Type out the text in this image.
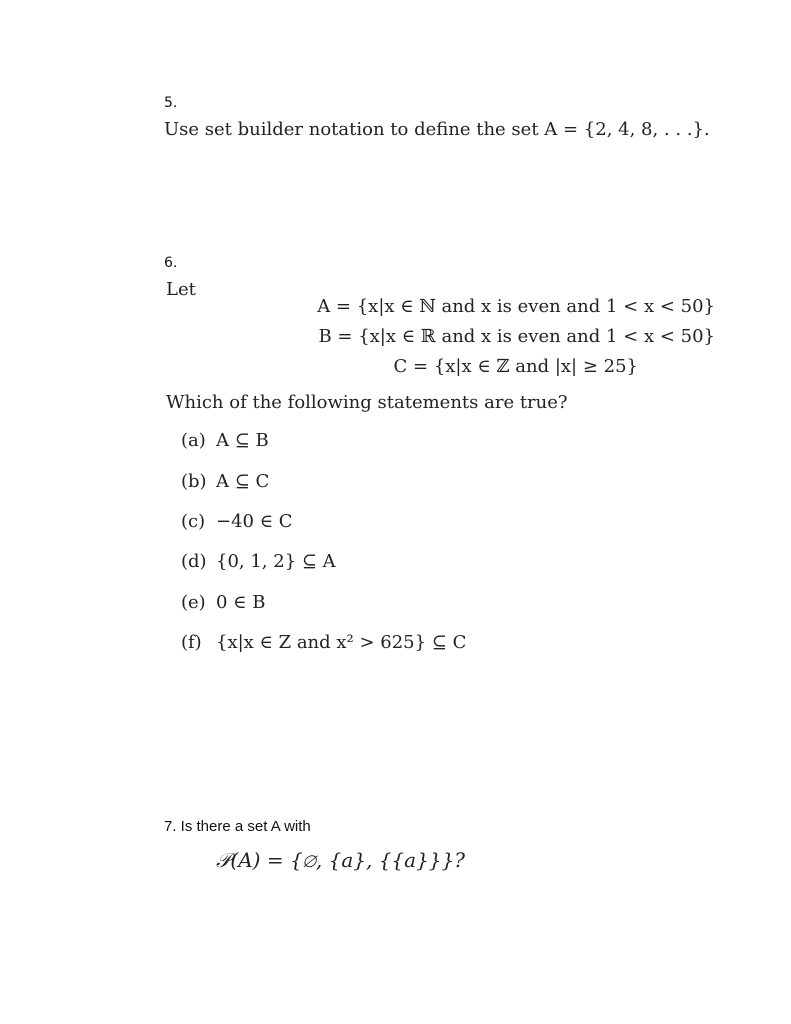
5.
Use set builder notation to define the set A = {2, 4, 8, . . .}.
6.
Let
A = {x|x ∈ ℕ and x is even and 1 < x < 50}
B = {x|x ∈ ℝ and x is even and 1 < x < 50}
C = {x|x ∈ ℤ and |x| ≥ 25}
Which of the following statements are true?
(a) A ⊆ B
(b) A ⊆ C
(c) −40 ∈ C
(d) {0, 1, 2} ⊆ A
(e) 0 ∈ B
(f) {x|x ∈ Z and x² > 625} ⊆ C
7. Is there a set A with
𝒫(A) = {∅, {a}, {{a}}}?
